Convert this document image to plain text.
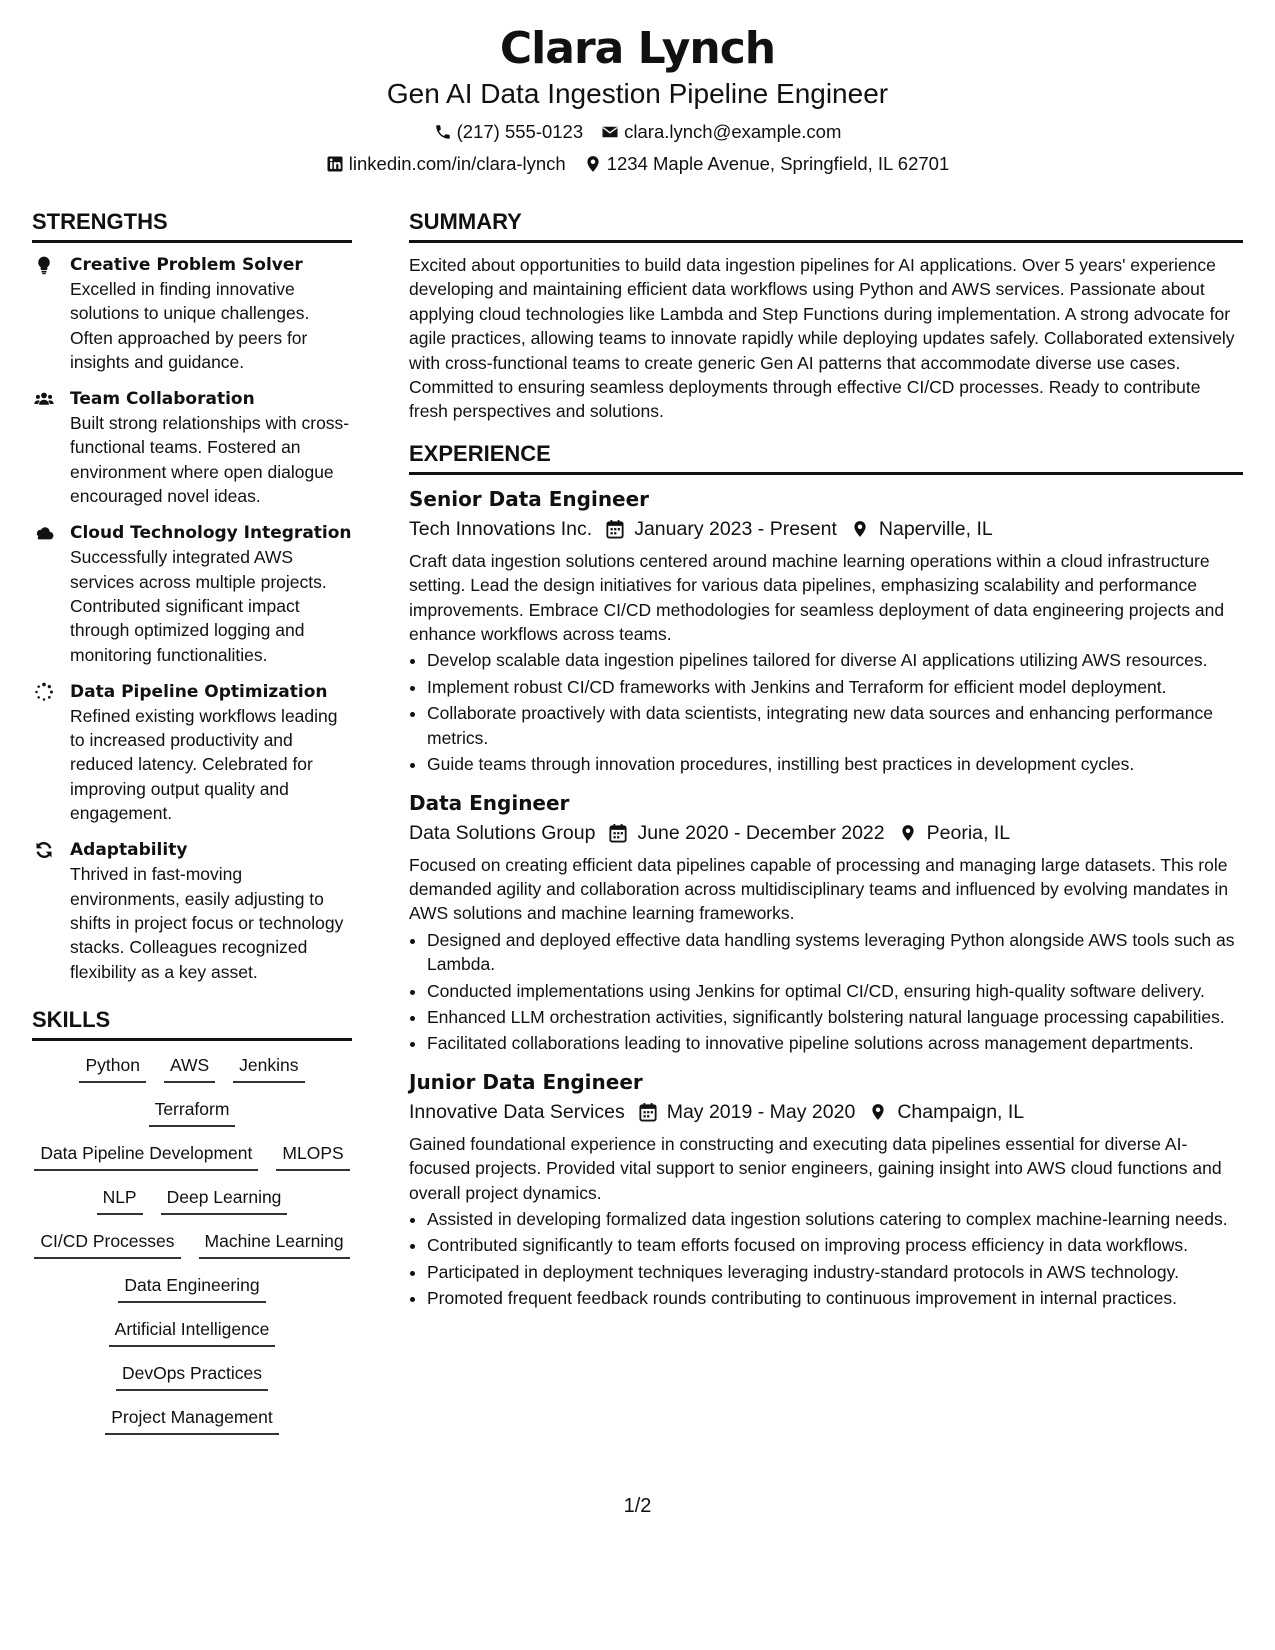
Clara Lynch
Gen AI Data Ingestion Pipeline Engineer
(217) 555-0123 clara.lynch@example.com
linkedin.com/in/clara-lynch 1234 Maple Avenue, Springfield, IL 62701
STRENGTHS
Creative Problem Solver
Excelled in finding innovative solutions to unique challenges. Often approached by peers for insights and guidance.
Team Collaboration
Built strong relationships with cross-functional teams. Fostered an environment where open dialogue encouraged novel ideas.
Cloud Technology Integration
Successfully integrated AWS services across multiple projects. Contributed significant impact through optimized logging and monitoring functionalities.
Data Pipeline Optimization
Refined existing workflows leading to increased productivity and reduced latency. Celebrated for improving output quality and engagement.
Adaptability
Thrived in fast-moving environments, easily adjusting to shifts in project focus or technology stacks. Colleagues recognized flexibility as a key asset.
SKILLS
Python	AWS	Jenkins
Terraform
Data Pipeline Development	MLOPS
NLP	Deep Learning
CI/CD Processes	Machine Learning
Data Engineering
Artificial Intelligence
DevOps Practices
Project Management
SUMMARY
Excited about opportunities to build data ingestion pipelines for AI applications. Over 5 years' experience developing and maintaining efficient data workflows using Python and AWS services. Passionate about applying cloud technologies like Lambda and Step Functions during implementation. A strong advocate for agile practices, allowing teams to innovate rapidly while deploying updates safely. Collaborated extensively with cross-functional teams to create generic Gen AI patterns that accommodate diverse use cases. Committed to ensuring seamless deployments through effective CI/CD processes. Ready to contribute fresh perspectives and solutions.
EXPERIENCE
Senior Data Engineer
Tech Innovations Inc. January 2023 - Present Naperville, IL
Craft data ingestion solutions centered around machine learning operations within a cloud infrastructure setting. Lead the design initiatives for various data pipelines, emphasizing scalability and performance improvements. Embrace CI/CD methodologies for seamless deployment of data engineering projects and enhance workflows across teams.
• Develop scalable data ingestion pipelines tailored for diverse AI applications utilizing AWS resources.
• Implement robust CI/CD frameworks with Jenkins and Terraform for efficient model deployment.
• Collaborate proactively with data scientists, integrating new data sources and enhancing performance metrics.
• Guide teams through innovation procedures, instilling best practices in development cycles.
Data Engineer
Data Solutions Group June 2020 - December 2022 Peoria, IL
Focused on creating efficient data pipelines capable of processing and managing large datasets. This role demanded agility and collaboration across multidisciplinary teams and influenced by evolving mandates in AWS solutions and machine learning frameworks.
• Designed and deployed effective data handling systems leveraging Python alongside AWS tools such as Lambda.
• Conducted implementations using Jenkins for optimal CI/CD, ensuring high-quality software delivery.
• Enhanced LLM orchestration activities, significantly bolstering natural language processing capabilities.
• Facilitated collaborations leading to innovative pipeline solutions across management departments.
Junior Data Engineer
Innovative Data Services May 2019 - May 2020 Champaign, IL
Gained foundational experience in constructing and executing data pipelines essential for diverse AI-focused projects. Provided vital support to senior engineers, gaining insight into AWS cloud functions and overall project dynamics.
• Assisted in developing formalized data ingestion solutions catering to complex machine-learning needs.
• Contributed significantly to team efforts focused on improving process efficiency in data workflows.
• Participated in deployment techniques leveraging industry-standard protocols in AWS technology.
• Promoted frequent feedback rounds contributing to continuous improvement in internal practices.
1/2
